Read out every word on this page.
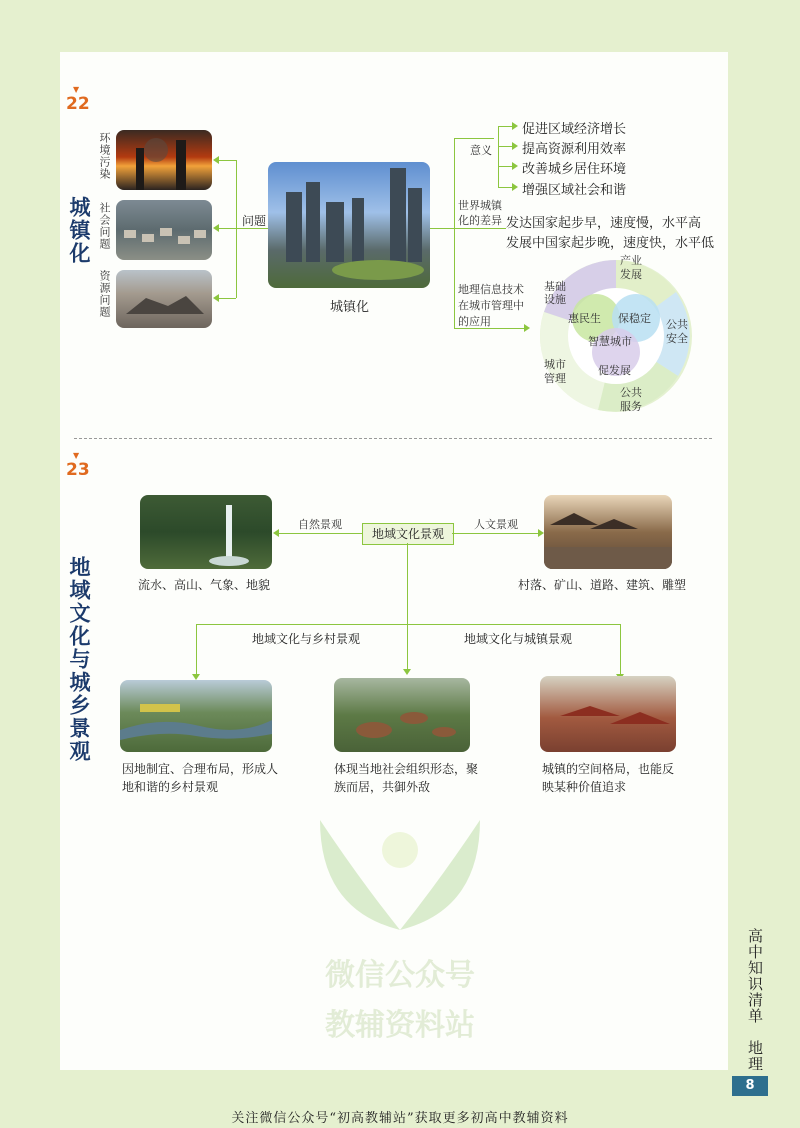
▼
22
城镇化
环境污染
社会问题
资源问题
问题
城镇化
意义
促进区域经济增长
提高资源利用效率
改善城乡居住环境
增强区域社会和谐
世界城镇化的差异 发达国家起步早，速度慢，水平高
发展中国家起步晚，速度快，水平低
地理信息技术在城市管理中的应用
基础设施
产业发展
公共安全
公共服务
城市管理
惠民生 保稳定
促发展
智慧城市
▼
23
地域文化与城乡景观	流水、高山、气象、地貌	村落、矿山、道路、建筑、雕塑
地域文化景观
自然景观	人文景观
地域文化与乡村景观	地域文化与城镇景观
因地制宜、合理布局，形成人地和谐的乡村景观
体现当地社会组织形态，聚族而居，共御外敌
城镇的空间格局，也能反映某种价值追求
微信公众号
教辅资料站	高中知识清单　地理
8
关注微信公众号“初高教辅站”获取更多初高中教辅资料
